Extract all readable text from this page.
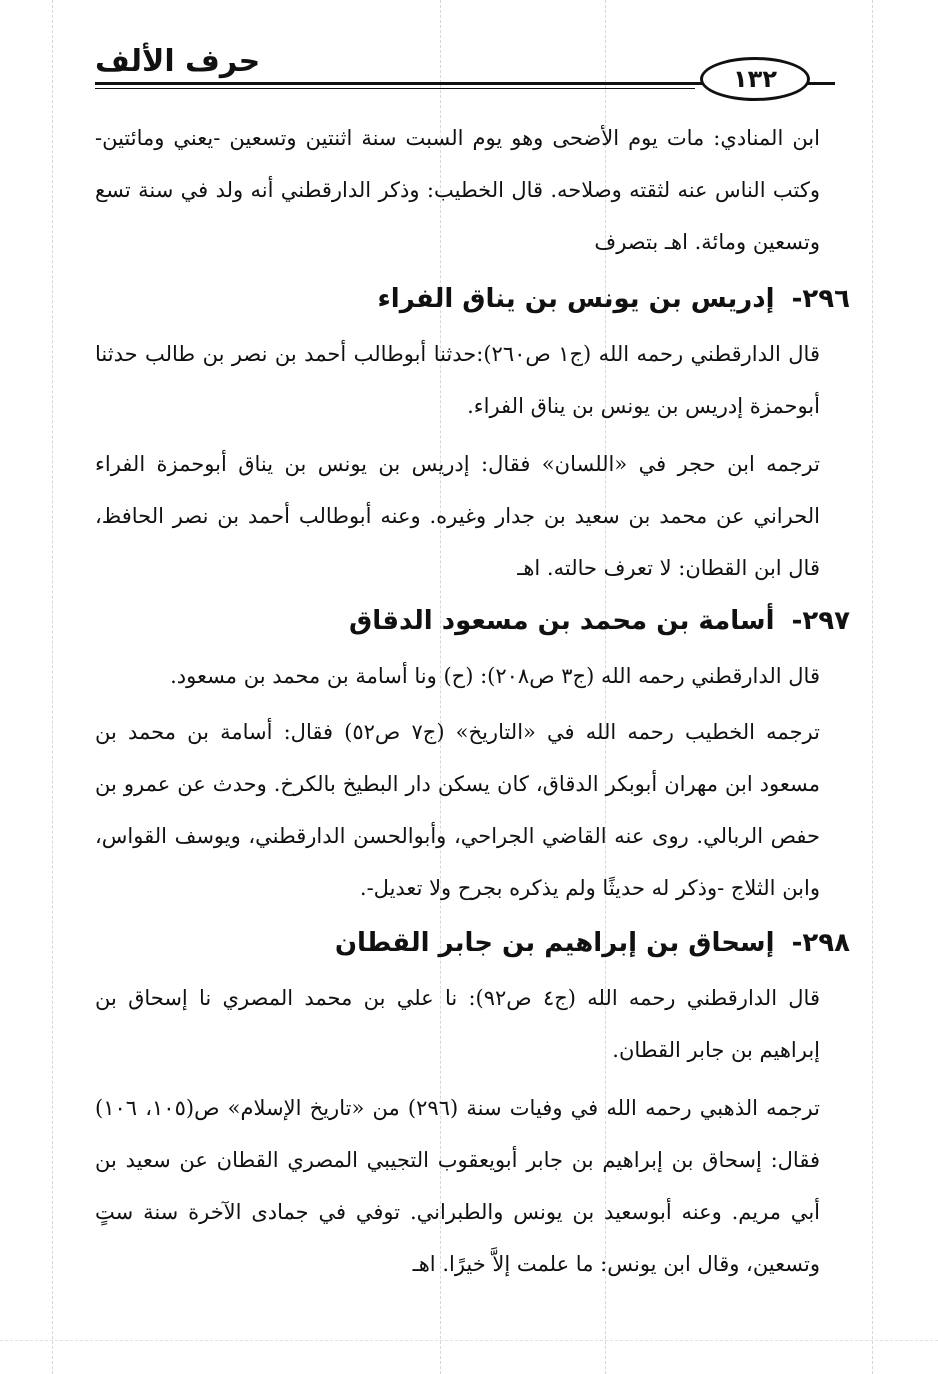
حرف الألف	١٣٢

ابن المنادي: مات يوم الأضحى وهو يوم السبت سنة اثنتين وتسعين -يعني ومائتين- وكتب الناس عنه لثقته وصلاحه. قال الخطيب: وذكر الدارقطني أنه ولد في سنة تسع وتسعين ومائة. اهـ بتصرف

٢٩٦- إدريس بن يونس بن يناق الفراء

قال الدارقطني رحمه الله (ج١ ص٢٦٠):حدثنا أبوطالب أحمد بن نصر بن طالب حدثنا أبوحمزة إدريس بن يونس بن يناق الفراء.

ترجمه ابن حجر في «اللسان» فقال: إدريس بن يونس بن يناق أبوحمزة الفراء الحراني عن محمد بن سعيد بن جدار وغيره. وعنه أبوطالب أحمد بن نصر الحافظ، قال ابن القطان: لا تعرف حالته. اهـ

٢٩٧- أسامة بن محمد بن مسعود الدقاق

قال الدارقطني رحمه الله (ج٣ ص٢٠٨): (ح) ونا أسامة بن محمد بن مسعود.

ترجمه الخطيب رحمه الله في «التاريخ» (ج٧ ص٥٢) فقال: أسامة بن محمد بن مسعود ابن مهران أبوبكر الدقاق، كان يسكن دار البطيخ بالكرخ. وحدث عن عمرو بن حفص الربالي. روى عنه القاضي الجراحي، وأبوالحسن الدارقطني، ويوسف القواس، وابن الثلاج -وذكر له حديثًا ولم يذكره بجرح ولا تعديل-.

٢٩٨- إسحاق بن إبراهيم بن جابر القطان

قال الدارقطني رحمه الله (ج٤ ص٩٢): نا علي بن محمد المصري نا إسحاق بن إبراهيم بن جابر القطان.

ترجمه الذهبي رحمه الله في وفيات سنة (٢٩٦) من «تاريخ الإسلام» ص(١٠٥، ١٠٦) فقال: إسحاق بن إبراهيم بن جابر أبويعقوب التجيبي المصري القطان عن سعيد بن أبي مريم. وعنه أبوسعيد بن يونس والطبراني. توفي في جمادى الآخرة سنة ستٍ وتسعين، وقال ابن يونس: ما علمت إلاَّ خيرًا. اهـ
